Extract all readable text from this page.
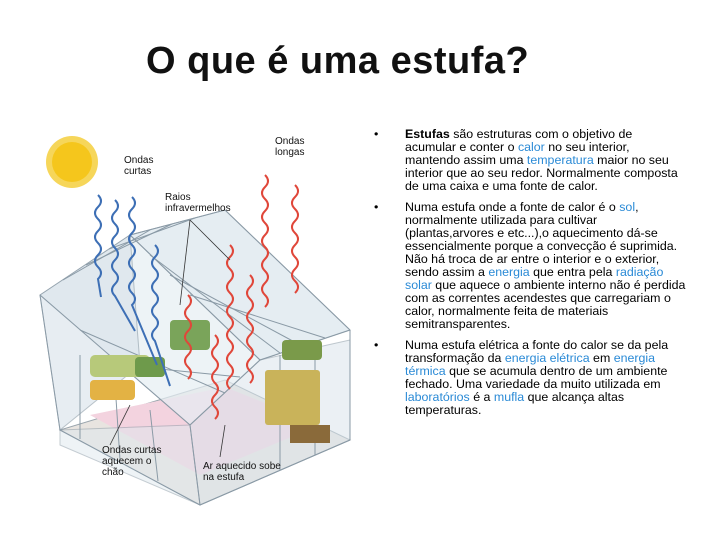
O que é uma estufa?
Ondas
curtas
Ondas
longas
Raios
infravermelhos
Ondas curtas
aquecem o
chão
Ar aquecido sobe
na estufa
• Estufas são estruturas com o objetivo de acumular e conter o calor no seu interior, mantendo assim uma temperatura maior no seu interior que ao seu redor. Normalmente composta de uma caixa e uma fonte de calor.
• Numa estufa onde a fonte de calor é o sol, normalmente utilizada para cultivar (plantas,arvores e etc...),o aquecimento dá-se essencialmente porque a convecção é suprimida. Não há troca de ar entre o interior e o exterior, sendo assim a energia que entra pela radiação solar que aquece o ambiente interno não é perdida com as correntes acendestes que carregariam o calor, normalmente feita de materiais semitransparentes.
• Numa estufa elétrica a fonte do calor se da pela transformação da energia elétrica em energia térmica que se acumula dentro de um ambiente fechado. Uma variedade da muito utilizada em laboratórios é a mufla que alcança altas temperaturas.
